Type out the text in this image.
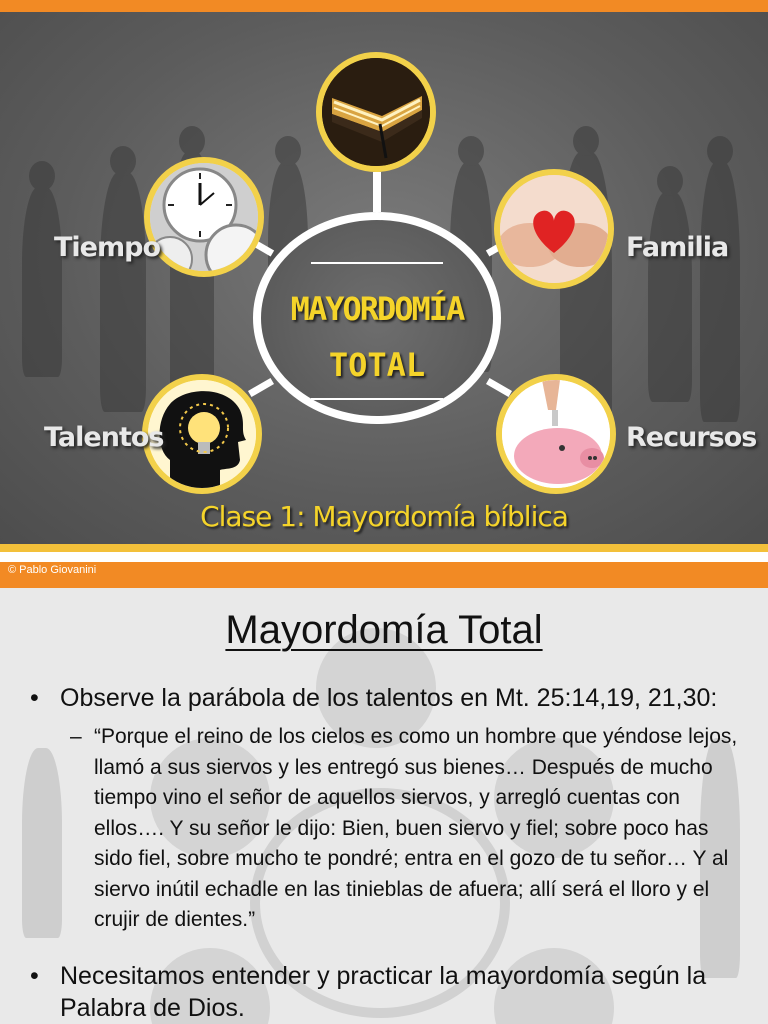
MAYORDOMÍA
TOTAL
Tiempo	Familia
Talentos	Recursos
Clase 1: Mayordomía bíblica
© Pablo Giovanini
Mayordomía Total
• Observe la parábola de los talentos en Mt. 25:14,19, 21,30:
– “Porque el reino de los cielos es como un hombre que yéndose lejos,
llamó a sus siervos y les entregó sus bienes… Después de mucho
tiempo vino el señor de aquellos siervos, y arregló cuentas con
ellos…. Y su señor le dijo: Bien, buen siervo y fiel; sobre poco has
sido fiel, sobre mucho te pondré; entra en el gozo de tu señor… Y al
siervo inútil echadle en las tinieblas de afuera; allí será el lloro y el
crujir de dientes.”
• Necesitamos entender y practicar la mayordomía según la
Palabra de Dios.
